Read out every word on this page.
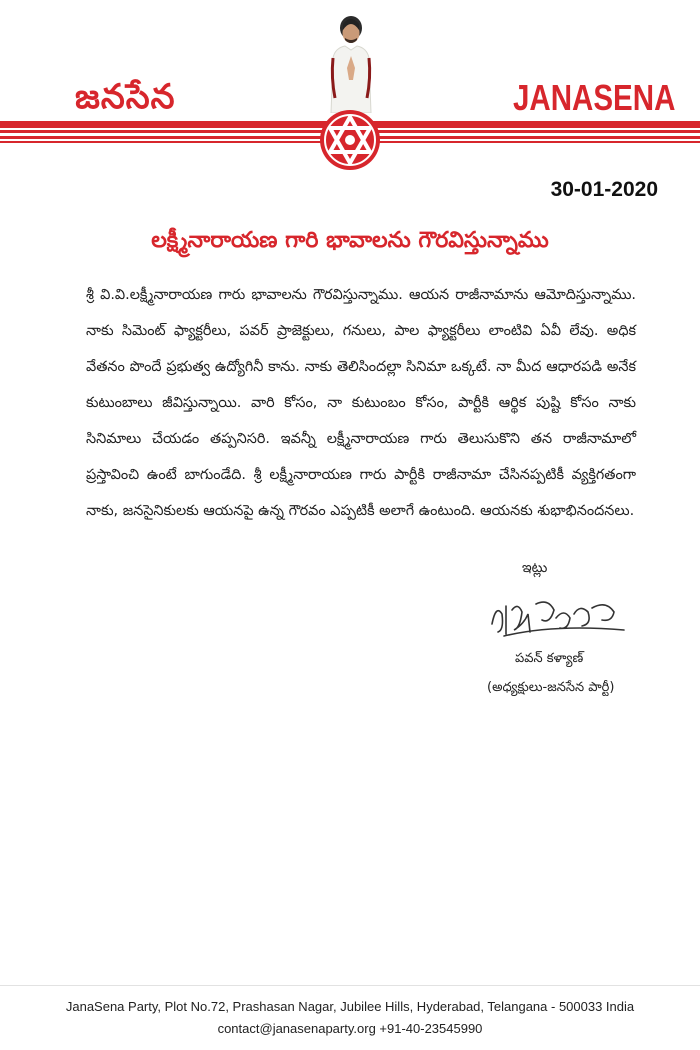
జనసేన	JANASENA
30-01-2020
లక్ష్మీనారాయణ గారి భావాలను గౌరవిస్తున్నాము
శ్రీ వి.వి.లక్ష్మీనారాయణ గారు భావాలను గౌరవిస్తున్నాము. ఆయన రాజీనామాను ఆమోదిస్తున్నాము. నాకు సిమెంట్ ఫ్యాక్టరీలు, పవర్ ప్రాజెక్టులు, గనులు, పాల ఫ్యాక్టరీలు లాంటివి ఏవీ లేవు. అధిక వేతనం పొందే ప్రభుత్వ ఉద్యోగినీ కాను. నాకు తెలిసిందల్లా సినిమా ఒక్కటే. నా మీద ఆధారపడి అనేక కుటుంబాలు జీవిస్తున్నాయి. వారి కోసం, నా కుటుంబం కోసం, పార్టీకి ఆర్థిక పుష్టి కోసం నాకు సినిమాలు చేయడం తప్పనిసరి. ఇవన్నీ లక్ష్మీనారాయణ గారు తెలుసుకొని తన రాజీనామాలో ప్రస్తావించి ఉంటే బాగుండేది. శ్రీ లక్ష్మీనారాయణ గారు పార్టీకి రాజీనామా చేసినప్పటికీ వ్యక్తిగతంగా నాకు, జనసైనికులకు ఆయనపై ఉన్న గౌరవం ఎప్పటికీ అలాగే ఉంటుంది. ఆయనకు శుభాభినందనలు.
ఇట్లు
పవన్ కళ్యాణ్
(అధ్యక్షులు-జనసేన పార్టీ)
JanaSena Party, Plot No.72, Prashasan Nagar, Jubilee Hills, Hyderabad, Telangana - 500033 India
contact@janasenaparty.org +91-40-23545990
